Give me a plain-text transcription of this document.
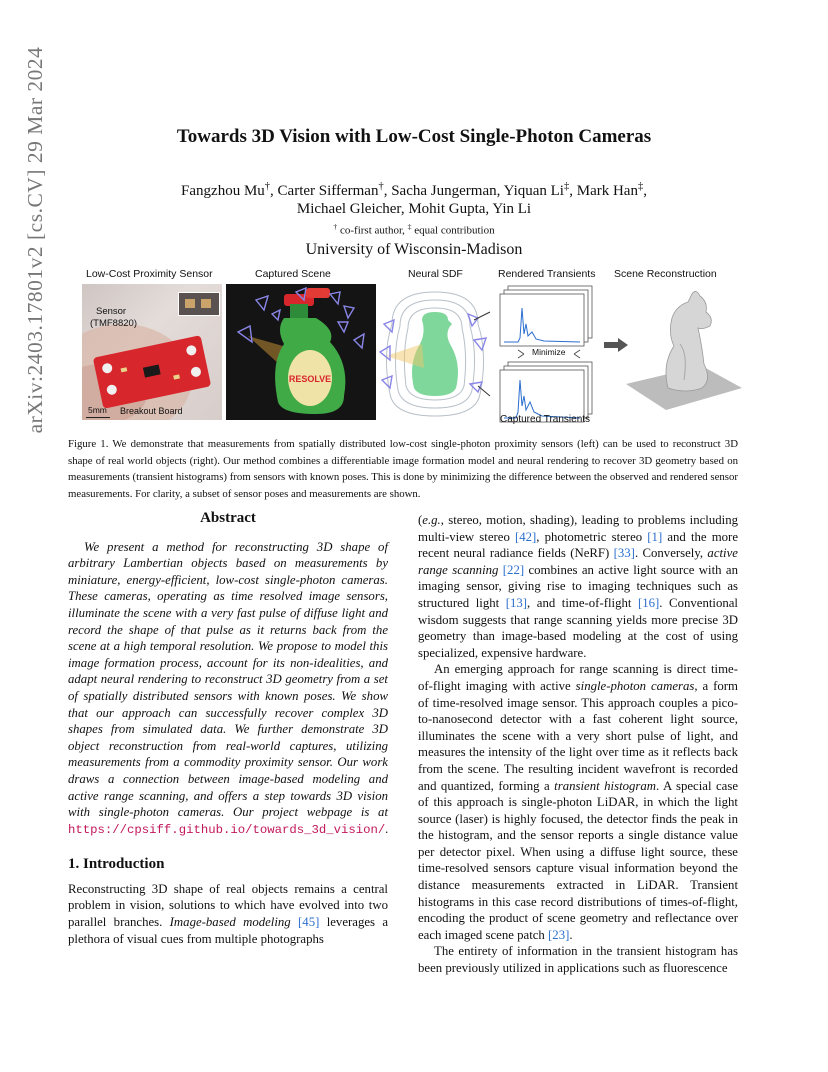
arXiv:2403.17801v2 [cs.CV] 29 Mar 2024	Towards 3D Vision with Low-Cost Single-Photon Cameras
Fangzhou Mu†, Carter Sifferman†, Sacha Jungerman, Yiquan Li‡, Mark Han‡,
Michael Gleicher, Mohit Gupta, Yin Li
† co-first author, ‡ equal contribution
University of Wisconsin-Madison
Low-Cost Proximity Sensor	Captured Scene	Neural SDF	Rendered Transients Scene Reconstruction
Sensor
(TMF8820)
5mm Breakout Board
RESOLVE
Minimize
Captured Transients
Figure 1. We demonstrate that measurements from spatially distributed low-cost single-photon proximity sensors (left) can be used to reconstruct 3D shape of real world objects (right). Our method combines a differentiable image formation model and neural rendering to recover 3D geometry based on measurements (transient histograms) from sensors with known poses. This is done by minimizing the difference between the observed and rendered sensor measurements. For clarity, a subset of sensor poses and measurements are shown.
Abstract

We present a method for reconstructing 3D shape of arbitrary Lambertian objects based on measurements by miniature, energy-efficient, low-cost single-photon cameras. These cameras, operating as time resolved image sensors, illuminate the scene with a very fast pulse of diffuse light and record the shape of that pulse as it returns back from the scene at a high temporal resolution. We propose to model this image formation process, account for its non-idealities, and adapt neural rendering to reconstruct 3D geometry from a set of spatially distributed sensors with known poses. We show that our approach can successfully recover complex 3D shapes from simulated data. We further demonstrate 3D object reconstruction from real-world captures, utilizing measurements from a commodity proximity sensor. Our work draws a connection between image-based modeling and active range scanning, and offers a step towards 3D vision with single-photon cameras. Our project webpage is at https://cpsiff.github.io/towards_3d_vision/.

1. Introduction

Reconstructing 3D shape of real objects remains a central problem in vision, solutions to which have evolved into two parallel branches. Image-based modeling [45] leverages a plethora of visual cues from multiple photographs

(e.g., stereo, motion, shading), leading to problems including multi-view stereo [42], photometric stereo [1] and the more recent neural radiance fields (NeRF) [33]. Conversely, active range scanning [22] combines an active light source with an imaging sensor, giving rise to imaging techniques such as structured light [13], and time-of-flight [16]. Conventional wisdom suggests that range scanning yields more precise 3D geometry than image-based modeling at the cost of using specialized, expensive hardware.

An emerging approach for range scanning is direct time-of-flight imaging with active single-photon cameras, a form of time-resolved image sensor. This approach couples a pico-to-nanosecond detector with a fast coherent light source, illuminates the scene with a very short pulse of light, and measures the intensity of the light over time as it reflects back from the scene. The resulting incident wavefront is recorded and quantized, forming a transient histogram. A special case of this approach is single-photon LiDAR, in which the light source (laser) is highly focused, the detector finds the peak in the histogram, and the sensor reports a single distance value per detector pixel. When using a diffuse light source, these time-resolved sensors capture visual information beyond the distance measurements extracted in LiDAR. Transient histograms in this case record distributions of times-of-flight, encoding the product of scene geometry and reflectance over each imaged scene patch [23].

The entirety of information in the transient histogram has been previously utilized in applications such as fluorescence
